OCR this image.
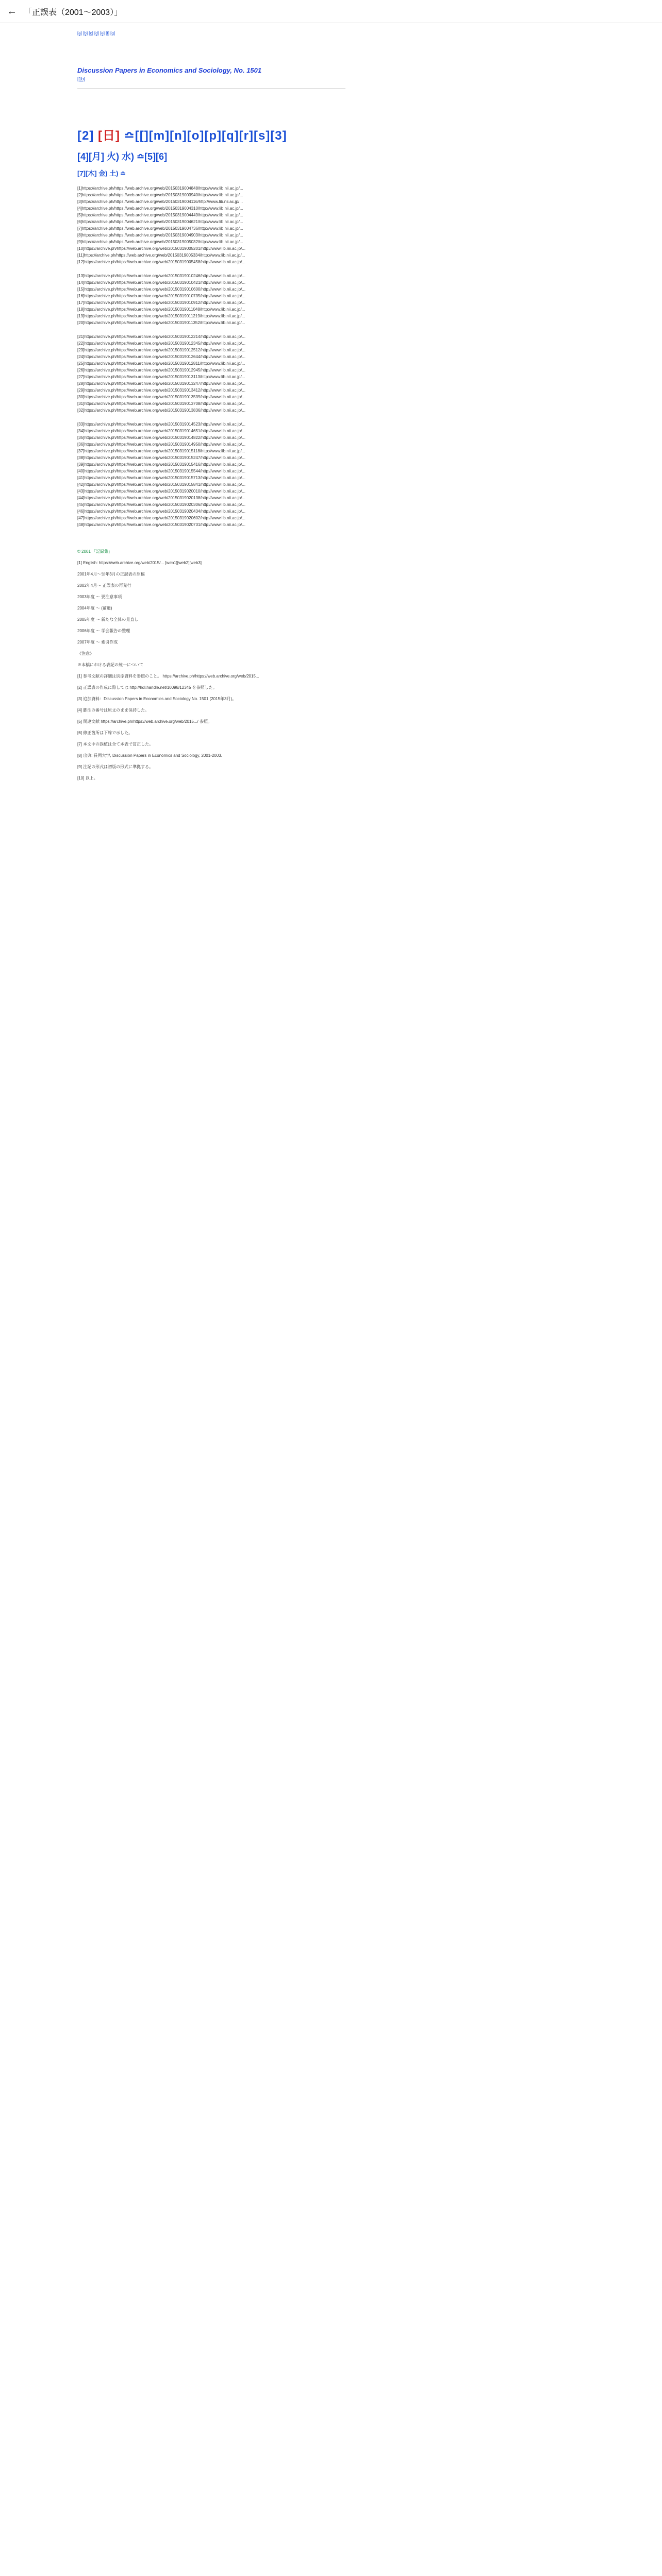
← 「正誤表（2001〜2003）」
[a] [b] [c] [d] [e] [f] [g]
Discussion Papers in Economics and Sociology, No. 1501
[1b]
[2] [日] ≏[[][m][n][o][p][q][r][s][3]
[4][月] 火) 水) ≏[5][6]
[7][木] 金) 土) ≏

[1]https://archive.ph/https://web.archive.org/web/20150319004848/http://www.lib.nii.ac.jp/...

[2]https://archive.ph/https://web.archive.org/web/20150319003940/http://www.lib.nii.ac.jp/...

[3]https://archive.ph/https://web.archive.org/web/20150319004116/http://www.lib.nii.ac.jp/...

[4]https://archive.ph/https://web.archive.org/web/20150319004310/http://www.lib.nii.ac.jp/...

[5]https://archive.ph/https://web.archive.org/web/20150319004449/http://www.lib.nii.ac.jp/...

[6]https://archive.ph/https://web.archive.org/web/20150319004621/http://www.lib.nii.ac.jp/...

[7]https://archive.ph/https://web.archive.org/web/20150319004736/http://www.lib.nii.ac.jp/...

[8]https://archive.ph/https://web.archive.org/web/20150319004903/http://www.lib.nii.ac.jp/...

[9]https://archive.ph/https://web.archive.org/web/20150319005032/http://www.lib.nii.ac.jp/...

[10]https://archive.ph/https://web.archive.org/web/20150319005201/http://www.lib.nii.ac.jp/...

[11]https://archive.ph/https://web.archive.org/web/20150319005334/http://www.lib.nii.ac.jp/...

[12]https://archive.ph/https://web.archive.org/web/20150319005458/http://www.lib.nii.ac.jp/...

[13]https://archive.ph/https://web.archive.org/web/20150319010246/http://www.lib.nii.ac.jp/...

[14]https://archive.ph/https://web.archive.org/web/20150319010421/http://www.lib.nii.ac.jp/...

[15]https://archive.ph/https://web.archive.org/web/20150319010600/http://www.lib.nii.ac.jp/...

[16]https://archive.ph/https://web.archive.org/web/20150319010735/http://www.lib.nii.ac.jp/...

[17]https://archive.ph/https://web.archive.org/web/20150319010912/http://www.lib.nii.ac.jp/...

[18]https://archive.ph/https://web.archive.org/web/20150319011048/http://www.lib.nii.ac.jp/...

[19]https://archive.ph/https://web.archive.org/web/20150319011219/http://www.lib.nii.ac.jp/...

[20]https://archive.ph/https://web.archive.org/web/20150319011352/http://www.lib.nii.ac.jp/...

[21]https://archive.ph/https://web.archive.org/web/20150319012214/http://www.lib.nii.ac.jp/...

[22]https://archive.ph/https://web.archive.org/web/20150319012345/http://www.lib.nii.ac.jp/...

[23]https://archive.ph/https://web.archive.org/web/20150319012512/http://www.lib.nii.ac.jp/...

[24]https://archive.ph/https://web.archive.org/web/20150319012644/http://www.lib.nii.ac.jp/...

[25]https://archive.ph/https://web.archive.org/web/20150319012811/http://www.lib.nii.ac.jp/...

[26]https://archive.ph/https://web.archive.org/web/20150319012945/http://www.lib.nii.ac.jp/...

[27]https://archive.ph/https://web.archive.org/web/20150319013113/http://www.lib.nii.ac.jp/...

[28]https://archive.ph/https://web.archive.org/web/20150319013247/http://www.lib.nii.ac.jp/...

[29]https://archive.ph/https://web.archive.org/web/20150319013412/http://www.lib.nii.ac.jp/...

[30]https://archive.ph/https://web.archive.org/web/20150319013539/http://www.lib.nii.ac.jp/...

[31]https://archive.ph/https://web.archive.org/web/20150319013708/http://www.lib.nii.ac.jp/...

[32]https://archive.ph/https://web.archive.org/web/20150319013836/http://www.lib.nii.ac.jp/...

[33]https://archive.ph/https://web.archive.org/web/20150319014523/http://www.lib.nii.ac.jp/...

[34]https://archive.ph/https://web.archive.org/web/20150319014651/http://www.lib.nii.ac.jp/...

[35]https://archive.ph/https://web.archive.org/web/20150319014822/http://www.lib.nii.ac.jp/...

[36]https://archive.ph/https://web.archive.org/web/20150319014950/http://www.lib.nii.ac.jp/...

[37]https://archive.ph/https://web.archive.org/web/20150319015118/http://www.lib.nii.ac.jp/...

[38]https://archive.ph/https://web.archive.org/web/20150319015247/http://www.lib.nii.ac.jp/...

[39]https://archive.ph/https://web.archive.org/web/20150319015416/http://www.lib.nii.ac.jp/...

[40]https://archive.ph/https://web.archive.org/web/20150319015544/http://www.lib.nii.ac.jp/...

[41]https://archive.ph/https://web.archive.org/web/20150319015713/http://www.lib.nii.ac.jp/...

[42]https://archive.ph/https://web.archive.org/web/20150319015841/http://www.lib.nii.ac.jp/...

[43]https://archive.ph/https://web.archive.org/web/20150319020010/http://www.lib.nii.ac.jp/...

[44]https://archive.ph/https://web.archive.org/web/20150319020138/http://www.lib.nii.ac.jp/...

[45]https://archive.ph/https://web.archive.org/web/20150319020306/http://www.lib.nii.ac.jp/...

[46]https://archive.ph/https://web.archive.org/web/20150319020434/http://www.lib.nii.ac.jp/...

[47]https://archive.ph/https://web.archive.org/web/20150319020602/http://www.lib.nii.ac.jp/...

[48]https://archive.ph/https://web.archive.org/web/20150319020731/http://www.lib.nii.ac.jp/...

© 2001 「記録集」

[1] English: https://web.archive.org/web/2015/... [web1][web2][web3]

2001年4月〜翌年3月の正誤表の原稿

2002年4月〜 正誤表の再発行

2003年度 〜 要注意事項

2004年度 〜 (補遺)

2005年度 〜 新たな全体の見直し

2006年度 〜 学会報告の整理

2007年度 〜 索引作成

《注意》

※本稿における表記の統一について

[1] 参考文献の詳細は別添資料を参照のこと。 https://archive.ph/https://web.archive.org/web/2015...

[2] 正誤表の作成に際しては http://hdl.handle.net/10098/12345 を参照した。

[3] 追加資料：Discussion Papers in Economics and Sociology No. 1501 (2015年3月)。

[4] 脚注の番号は原文のまま保持した。

[5] 関連文献 https://archive.ph/https://web.archive.org/web/2015.../ 参照。

[6] 修正箇所は下線で示した。

[7] 本文中の誤植は全て本表で訂正した。

[8] 出典: 長岡大学, Discussion Papers in Economics and Sociology, 2001-2003.

[9] 注記の形式は初版の形式に準拠する。

[10] 以上。
